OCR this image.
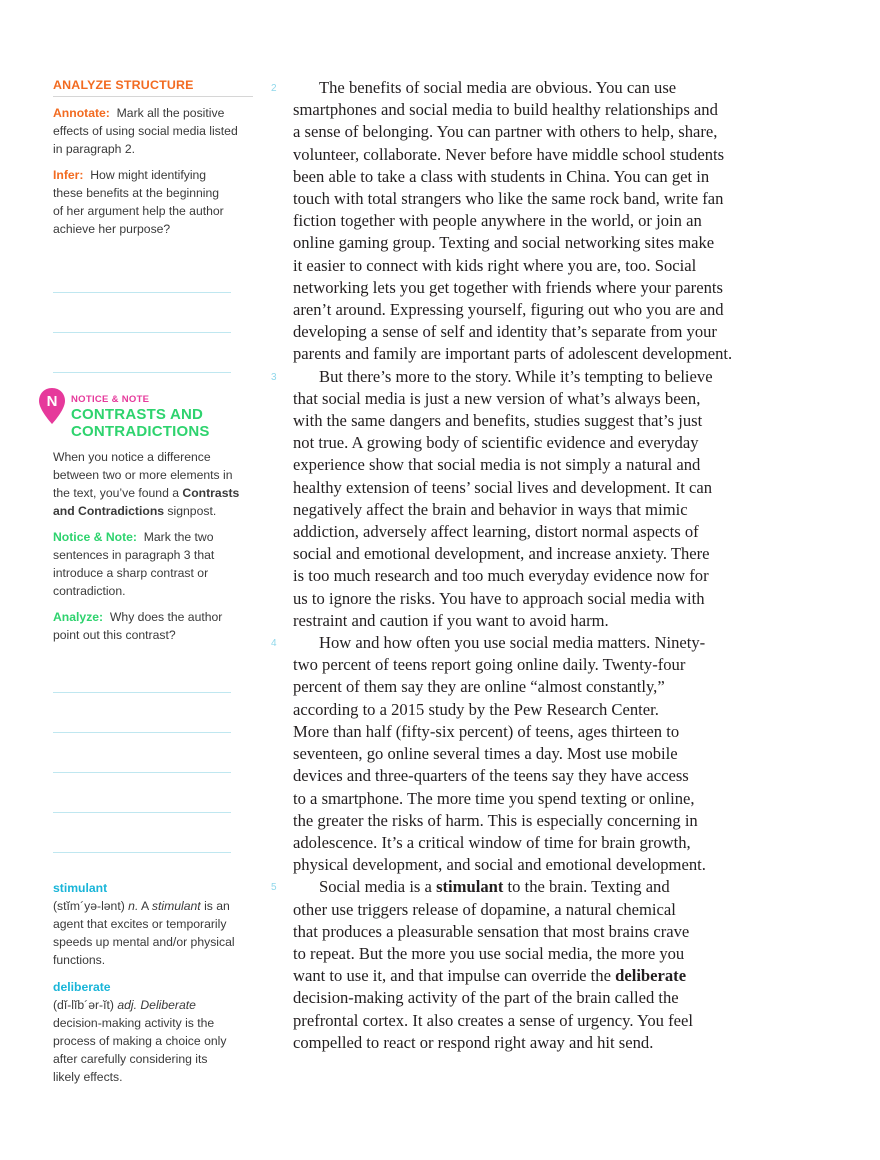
ANALYZE STRUCTURE

Annotate: Mark all the positive
effects of using social media listed
in paragraph 2.

Infer: How might identifying
these benefits at the beginning
of her argument help the author
achieve her purpose?

N NOTICE & NOTE
CONTRASTS AND
CONTRADICTIONS

When you notice a difference
between two or more elements in
the text, you’ve found a Contrasts
and Contradictions signpost.

Notice & Note: Mark the two
sentences in paragraph 3 that
introduce a sharp contrast or
contradiction.

Analyze: Why does the author
point out this contrast?

stimulant
(stĭm´yə-lənt) n. A stimulant is an
agent that excites or temporarily
speeds up mental and/or physical
functions.

deliberate
(dĭ-lĭb´ər-ĭt) adj. Deliberate
decision-making activity is the
process of making a choice only
after carefully considering its
likely effects.

2	The benefits of social media are obvious. You can use
smartphones and social media to build healthy relationships and
a sense of belonging. You can partner with others to help, share,
volunteer, collaborate. Never before have middle school students
been able to take a class with students in China. You can get in
touch with total strangers who like the same rock band, write fan
fiction together with people anywhere in the world, or join an
online gaming group. Texting and social networking sites make
it easier to connect with kids right where you are, too. Social
networking lets you get together with friends where your parents
aren’t around. Expressing yourself, figuring out who you are and
developing a sense of self and identity that’s separate from your
parents and family are important parts of adolescent development.
3	But there’s more to the story. While it’s tempting to believe
that social media is just a new version of what’s always been,
with the same dangers and benefits, studies suggest that’s just
not true. A growing body of scientific evidence and everyday
experience show that social media is not simply a natural and
healthy extension of teens’ social lives and development. It can
negatively affect the brain and behavior in ways that mimic
addiction, adversely affect learning, distort normal aspects of
social and emotional development, and increase anxiety. There
is too much research and too much everyday evidence now for
us to ignore the risks. You have to approach social media with
restraint and caution if you want to avoid harm.
4	How and how often you use social media matters. Ninety-
two percent of teens report going online daily. Twenty-four
percent of them say they are online “almost constantly,”
according to a 2015 study by the Pew Research Center.
More than half (fifty-six percent) of teens, ages thirteen to
seventeen, go online several times a day. Most use mobile
devices and three-quarters of the teens say they have access
to a smartphone. The more time you spend texting or online,
the greater the risks of harm. This is especially concerning in
adolescence. It’s a critical window of time for brain growth,
physical development, and social and emotional development.
5	Social media is a stimulant to the brain. Texting and
other use triggers release of dopamine, a natural chemical
that produces a pleasurable sensation that most brains crave
to repeat. But the more you use social media, the more you
want to use it, and that impulse can override the deliberate
decision-making activity of the part of the brain called the
prefrontal cortex. It also creates a sense of urgency. You feel
compelled to react or respond right away and hit send.
